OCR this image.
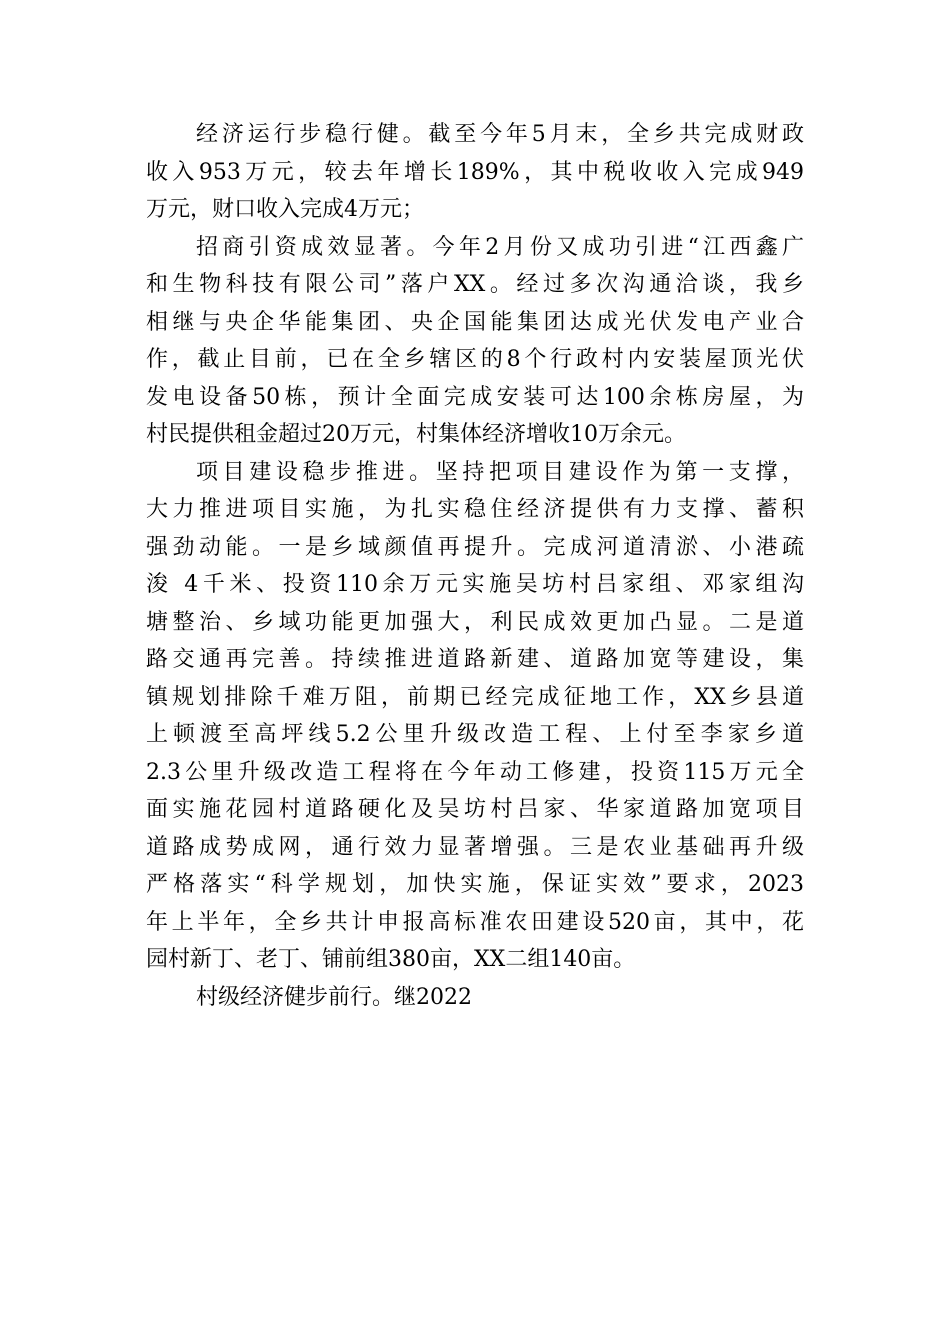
经济运行步稳行健。截至今年5月末，全乡共完成财政
收入953万元，较去年增长189%，其中税收收入完成949
万元，财口收入完成4万元；
招商引资成效显著。今年2月份又成功引进“江西鑫广
和生物科技有限公司”落户XX。经过多次沟通洽谈，我乡
相继与央企华能集团、央企国能集团达成光伏发电产业合
作，截止目前，已在全乡辖区的8个行政村内安装屋顶光伏
发电设备50栋，预计全面完成安装可达100余栋房屋，为
村民提供租金超过20万元，村集体经济增收10万余元。
项目建设稳步推进。坚持把项目建设作为第一支撑，
大力推进项目实施，为扎实稳住经济提供有力支撑、蓄积
强劲动能。一是乡域颜值再提升。完成河道清淤、小港疏
浚 4千米、投资110余万元实施吴坊村吕家组、邓家组沟
塘整治、乡域功能更加强大，利民成效更加凸显。二是道
路交通再完善。持续推进道路新建、道路加宽等建设，集
镇规划排除千难万阻，前期已经完成征地工作，XX乡县道
上顿渡至高坪线5.2公里升级改造工程、上付至李家乡道
2.3公里升级改造工程将在今年动工修建，投资115万元全
面实施花园村道路硬化及吴坊村吕家、华家道路加宽项目
道路成势成网，通行效力显著增强。三是农业基础再升级
严格落实“科学规划，加快实施，保证实效”要求，2023
年上半年，全乡共计申报高标准农田建设520亩，其中，花
园村新丁、老丁、铺前组380亩，XX二组140亩。
村级经济健步前行。继2022
